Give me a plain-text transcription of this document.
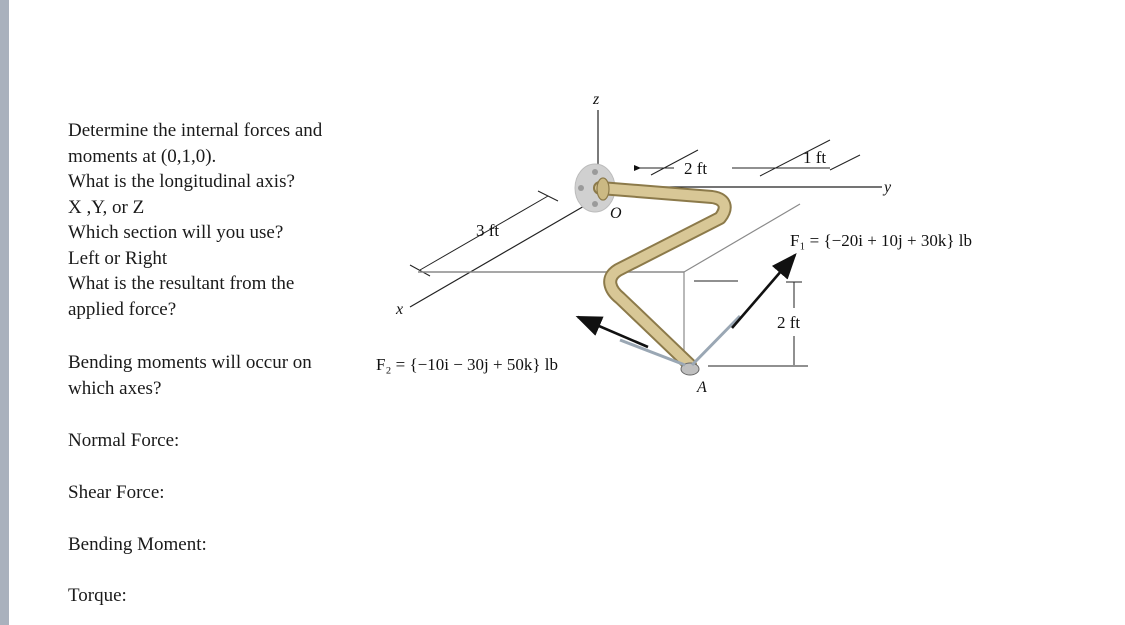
Determine the internal forces and
moments at (0,1,0).
What is the longitudinal axis?
X ,Y, or Z
Which section will you use?
Left or Right
What is the resultant from the
applied force?
Bending moments will occur on
which axes?
Normal Force:
Shear Force:
Bending Moment:
Torque:
z
y
x
3 ft
2 ft
1 ft
O
A
F₂ = {−10i − 30j + 50k} lb
F₁ = {−20i + 10j + 30k} lb
2 ft
